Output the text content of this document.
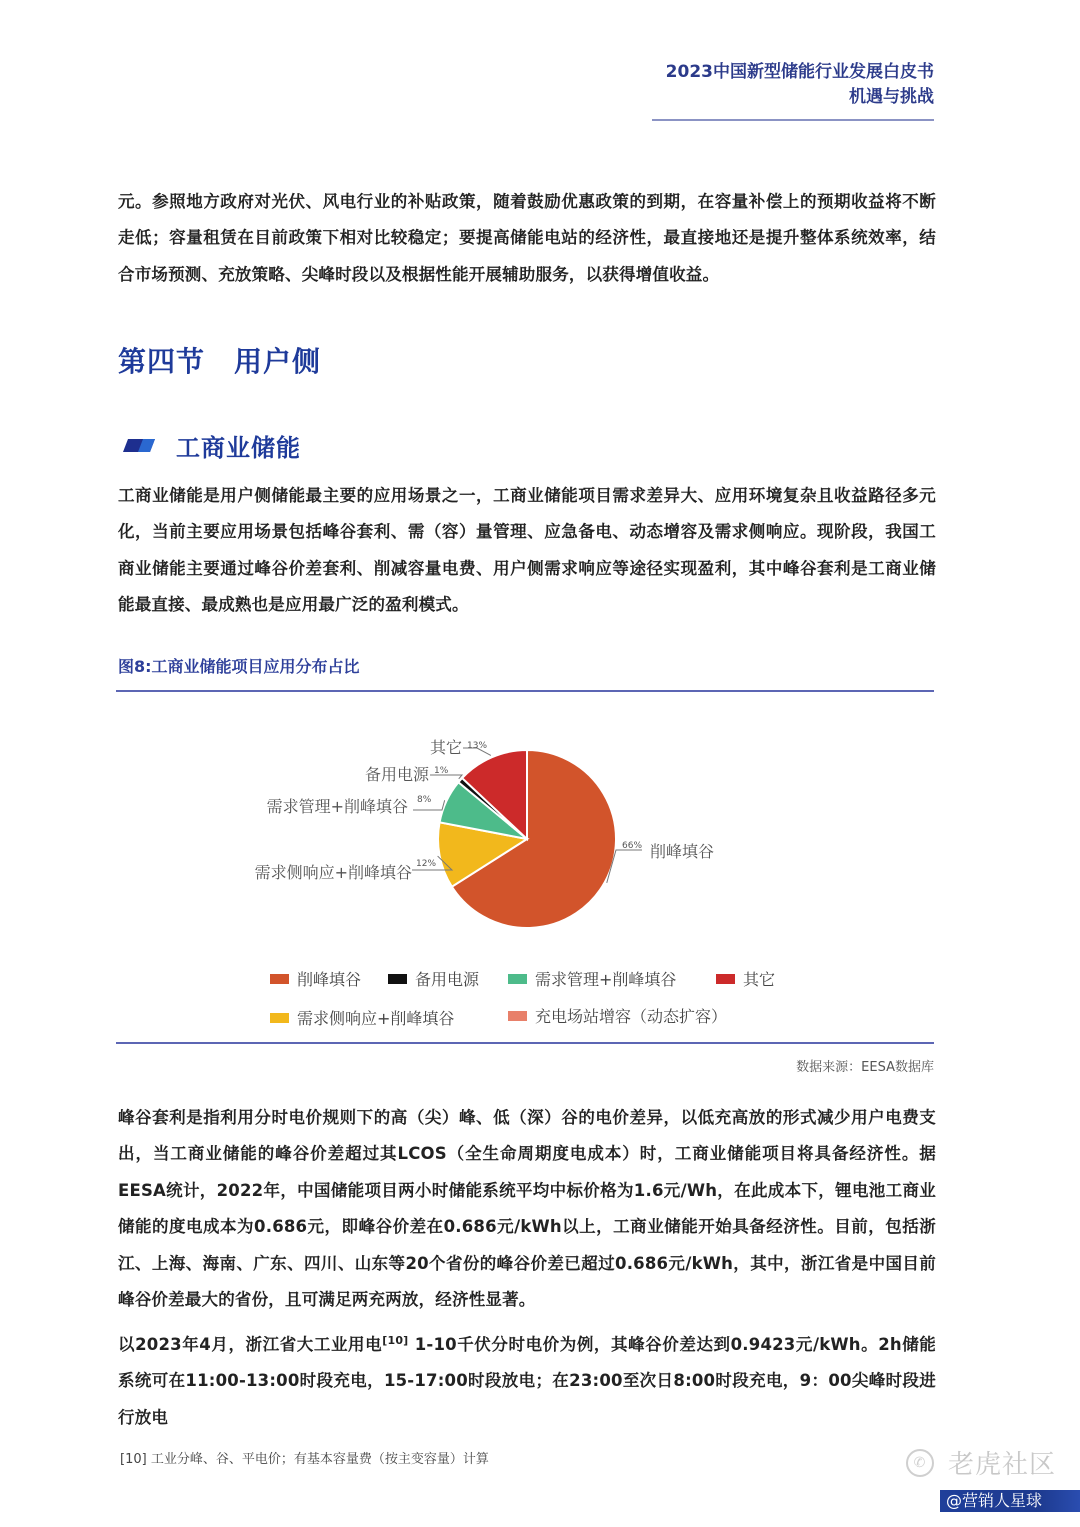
2023中国新型储能行业发展白皮书
机遇与挑战
元。参照地方政府对光伏、风电行业的补贴政策，随着鼓励优惠政策的到期，在容量补偿上的预期收益将不断走低；容量租赁在目前政策下相对比较稳定；要提高储能电站的经济性，最直接地还是提升整体系统效率，结合市场预测、充放策略、尖峰时段以及根据性能开展辅助服务，以获得增值收益。
第四节　用户侧
工商业储能
工商业储能是用户侧储能最主要的应用场景之一，工商业储能项目需求差异大、应用环境复杂且收益路径多元化，当前主要应用场景包括峰谷套利、需（容）量管理、应急备电、动态增容及需求侧响应。现阶段，我国工商业储能主要通过峰谷价差套利、削减容量电费、用户侧需求响应等途径实现盈利，其中峰谷套利是工商业储能最直接、最成熟也是应用最广泛的盈利模式。
图8:工商业储能项目应用分布占比
66% 削峰填谷
12%
需求侧响应+削峰填谷
8%
需求管理+削峰填谷
1%
备用电源
13%
其它
削峰填谷	备用电源	需求管理+削峰填谷	其它
需求侧响应+削峰填谷	充电场站增容（动态扩容）
数据来源：EESA数据库
峰谷套利是指利用分时电价规则下的高（尖）峰、低（深）谷的电价差异，以低充高放的形式减少用户电费支出，当工商业储能的峰谷价差超过其LCOS（全生命周期度电成本）时，工商业储能项目将具备经济性。据EESA统计，2022年，中国储能项目两小时储能系统平均中标价格为1.6元/Wh，在此成本下，锂电池工商业储能的度电成本为0.686元，即峰谷价差在0.686元/kWh以上，工商业储能开始具备经济性。目前，包括浙江、上海、海南、广东、四川、山东等20个省份的峰谷价差已超过0.686元/kWh，其中，浙江省是中国目前峰谷价差最大的省份，且可满足两充两放，经济性显著。
以2023年4月，浙江省大工业用电[10] 1-10千伏分时电价为例，其峰谷价差达到0.9423元/kWh。2h储能系统可在11:00-13:00时段充电，15-17:00时段放电；在23:00至次日8:00时段充电，9：00尖峰时段进行放电
[10] 工业分峰、谷、平电价；有基本容量费（按主变容量）计算	✆ 老虎社区
@营销人星球
